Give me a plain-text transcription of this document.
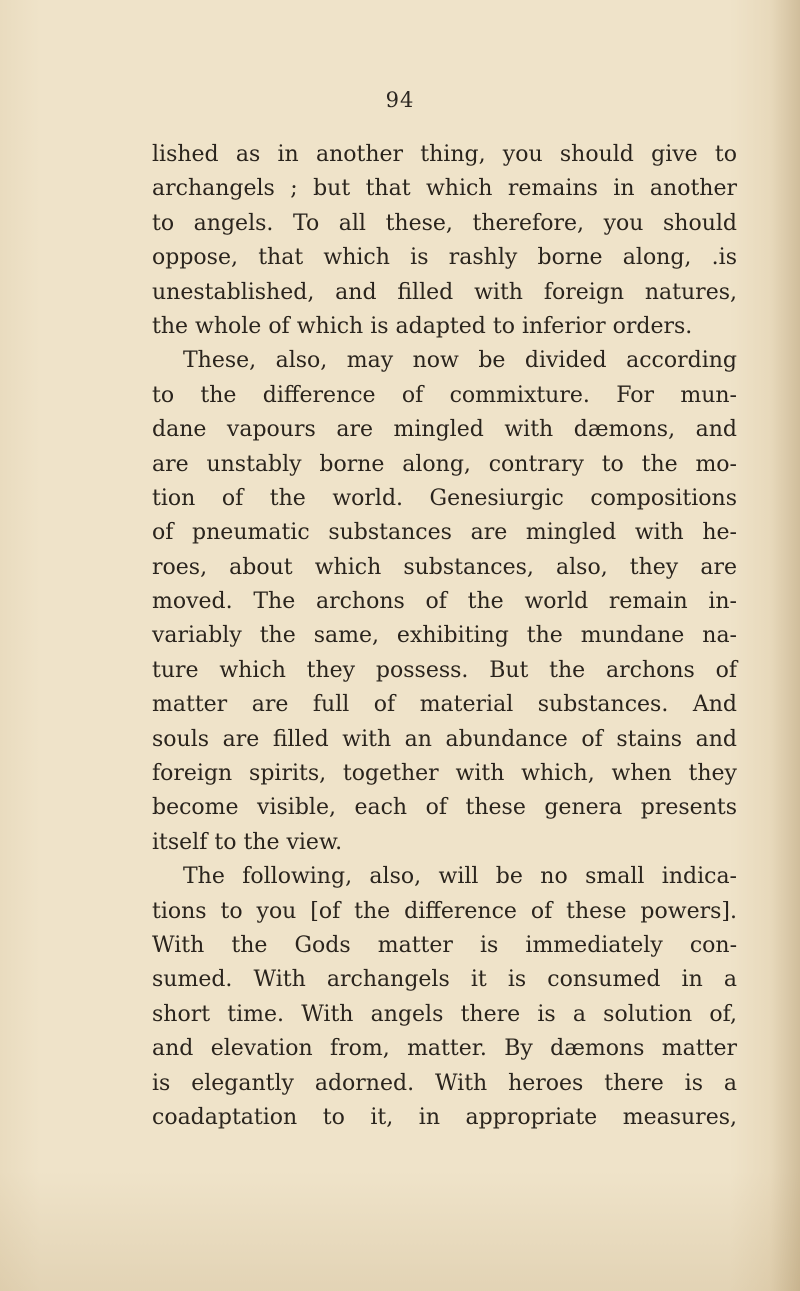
94
lished as in another thing, you should give to
archangels ; but that which remains in another
to angels. To all these, therefore, you should
oppose, that which is rashly borne along, .is
unestablished, and filled with foreign natures,
the whole of which is adapted to inferior orders.
These, also, may now be divided according
to the difference of commixture. For mun-
dane vapours are mingled with dæmons, and
are unstably borne along, contrary to the mo-
tion of the world. Genesiurgic compositions
of pneumatic substances are mingled with he-
roes, about which substances, also, they are
moved. The archons of the world remain in-
variably the same, exhibiting the mundane na-
ture which they possess. But the archons of
matter are full of material substances. And
souls are filled with an abundance of stains and
foreign spirits, together with which, when they
become visible, each of these genera presents
itself to the view.
The following, also, will be no small indica-
tions to you [of the difference of these powers].
With the Gods matter is immediately con-
sumed. With archangels it is consumed in a
short time. With angels there is a solution of,
and elevation from, matter. By dæmons matter
is elegantly adorned. With heroes there is a
coadaptation to it, in appropriate measures,
